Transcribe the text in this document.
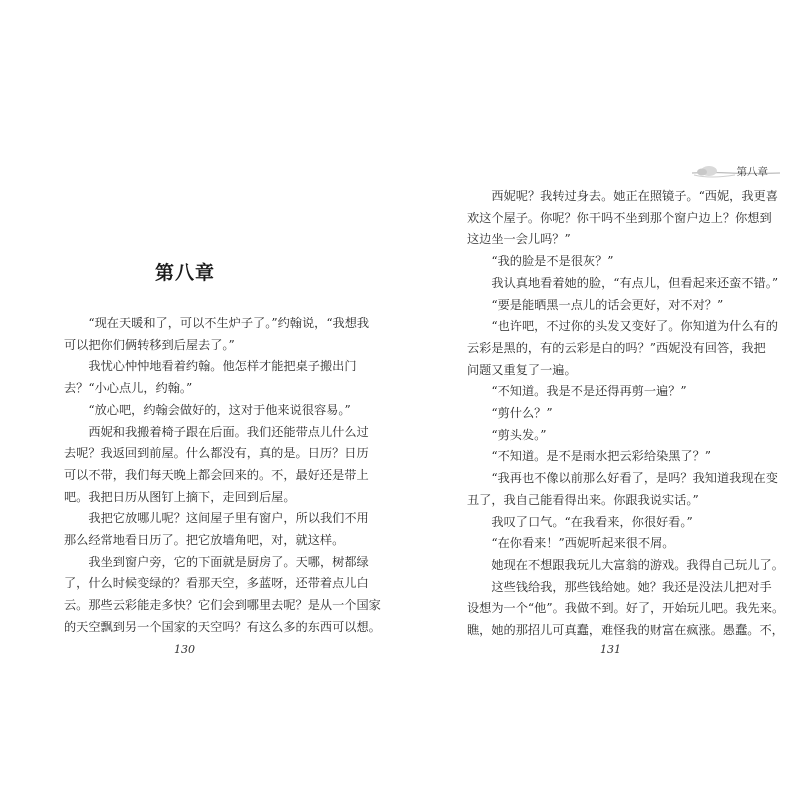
第八章

“现在天暖和了，可以不生炉子了。”约翰说，“我想我

可以把你们俩转移到后屋去了。”

我忧心忡忡地看着约翰。他怎样才能把桌子搬出门

去？“小心点儿，约翰。”

“放心吧，约翰会做好的，这对于他来说很容易。”

西妮和我搬着椅子跟在后面。我们还能带点儿什么过

去呢？我返回到前屋。什么都没有，真的是。日历？日历

可以不带，我们每天晚上都会回来的。不，最好还是带上

吧。我把日历从图钉上摘下，走回到后屋。

我把它放哪儿呢？这间屋子里有窗户，所以我们不用

那么经常地看日历了。把它放墙角吧，对，就这样。

我坐到窗户旁，它的下面就是厨房了。天哪，树都绿

了，什么时候变绿的？看那天空，多蓝呀，还带着点儿白

云。那些云彩能走多快？它们会到哪里去呢？是从一个国家

的天空飘到另一个国家的天空吗？有这么多的东西可以想。

130
第八章

西妮呢？我转过身去。她正在照镜子。“西妮，我更喜

欢这个屋子。你呢？你干吗不坐到那个窗户边上？你想到

这边坐一会儿吗？”

“我的脸是不是很灰？”

我认真地看着她的脸，“有点儿，但看起来还蛮不错。”

“要是能晒黑一点儿的话会更好，对不对？”

“也许吧，不过你的头发又变好了。你知道为什么有的

云彩是黑的，有的云彩是白的吗？”西妮没有回答，我把

问题又重复了一遍。

“不知道。我是不是还得再剪一遍？”

“剪什么？”

“剪头发。”

“不知道。是不是雨水把云彩给染黑了？”

“我再也不像以前那么好看了，是吗？我知道我现在变

丑了，我自己能看得出来。你跟我说实话。”

我叹了口气。“在我看来，你很好看。”

“在你看来！”西妮听起来很不屑。

她现在不想跟我玩儿大富翁的游戏。我得自己玩儿了。

这些钱给我，那些钱给她。她？我还是没法儿把对手

设想为一个“他”。我做不到。好了，开始玩儿吧。我先来。

瞧，她的那招儿可真蠢，难怪我的财富在疯涨。愚蠢。不，

131
